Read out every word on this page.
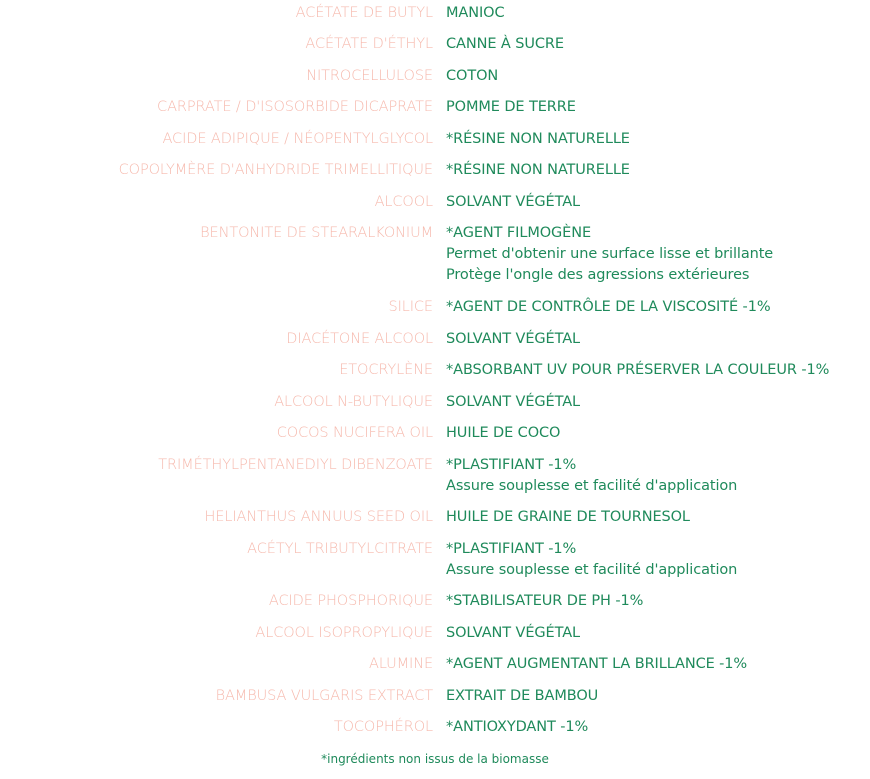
ACÉTATE DE BUTYL MANIOC
ACÉTATE D'ÉTHYL CANNE À SUCRE
NITROCELLULOSE COTON
CARPRATE / D'ISOSORBIDE DICAPRATE POMME DE TERRE
ACIDE ADIPIQUE / NÉOPENTYLGLYCOL *RÉSINE NON NATURELLE
COPOLYMÈRE D'ANHYDRIDE TRIMELLITIQUE *RÉSINE NON NATURELLE
ALCOOL SOLVANT VÉGÉTAL
BENTONITE DE STEARALKONIUM *AGENT FILMOGÈNE
Permet d'obtenir une surface lisse et brillante
Protège l'ongle des agressions extérieures
SILICE *AGENT DE CONTRÔLE DE LA VISCOSITÉ -1%
DIACÉTONE ALCOOL SOLVANT VÉGÉTAL
ETOCRYLÈNE *ABSORBANT UV POUR PRÉSERVER LA COULEUR -1%
ALCOOL N-BUTYLIQUE SOLVANT VÉGÉTAL
COCOS NUCIFERA OIL HUILE DE COCO
TRIMÉTHYLPENTANEDIYL DIBENZOATE *PLASTIFIANT -1%
Assure souplesse et facilité d'application
HELIANTHUS ANNUUS SEED OIL HUILE DE GRAINE DE TOURNESOL
ACÉTYL TRIBUTYLCITRATE *PLASTIFIANT -1%
Assure souplesse et facilité d'application
ACIDE PHOSPHORIQUE *STABILISATEUR DE PH -1%
ALCOOL ISOPROPYLIQUE SOLVANT VÉGÉTAL
ALUMINE *AGENT AUGMENTANT LA BRILLANCE -1%
BAMBUSA VULGARIS EXTRACT EXTRAIT DE BAMBOU
TOCOPHÉROL *ANTIOXYDANT -1%
*ingrédients non issus de la biomasse
